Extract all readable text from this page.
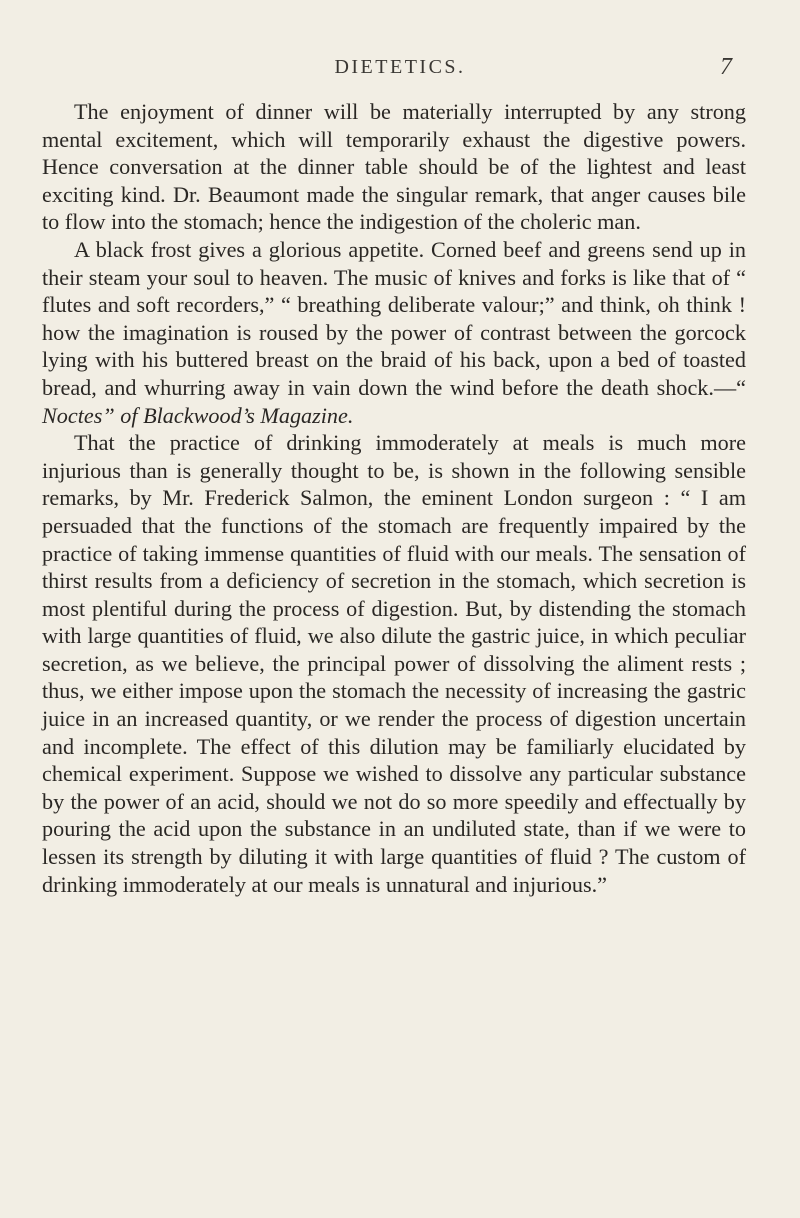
DIETETICS.	7

The enjoyment of dinner will be materially interrupted by any strong mental excitement, which will temporarily exhaust the digestive powers. Hence conversation at the dinner table should be of the lightest and least exciting kind. Dr. Beaumont made the singular remark, that anger causes bile to flow into the stomach; hence the indigestion of the choleric man.

A black frost gives a glorious appetite. Corned beef and greens send up in their steam your soul to heaven. The music of knives and forks is like that of “ flutes and soft recorders,” “ breathing deliberate valour;” and think, oh think ! how the imagination is roused by the power of contrast between the gorcock lying with his buttered breast on the braid of his back, upon a bed of toasted bread, and whurring away in vain down the wind before the death shock.—“ Noctes” of Blackwood’s Magazine.

That the practice of drinking immoderately at meals is much more injurious than is generally thought to be, is shown in the following sensible remarks, by Mr. Frederick Salmon, the eminent London surgeon : “ I am persuaded that the functions of the stomach are frequently impaired by the practice of taking immense quantities of fluid with our meals. The sensation of thirst results from a deficiency of secretion in the stomach, which secretion is most plentiful during the process of digestion. But, by distending the stomach with large quantities of fluid, we also dilute the gastric juice, in which peculiar secretion, as we believe, the principal power of dissolving the aliment rests ; thus, we either impose upon the stomach the necessity of increasing the gastric juice in an increased quantity, or we render the process of digestion uncertain and incomplete. The effect of this dilution may be familiarly elucidated by chemical experiment. Suppose we wished to dissolve any particular substance by the power of an acid, should we not do so more speedily and effectually by pouring the acid upon the substance in an undiluted state, than if we were to lessen its strength by diluting it with large quantities of fluid ? The custom of drinking immoderately at our meals is unnatural and injurious.”
